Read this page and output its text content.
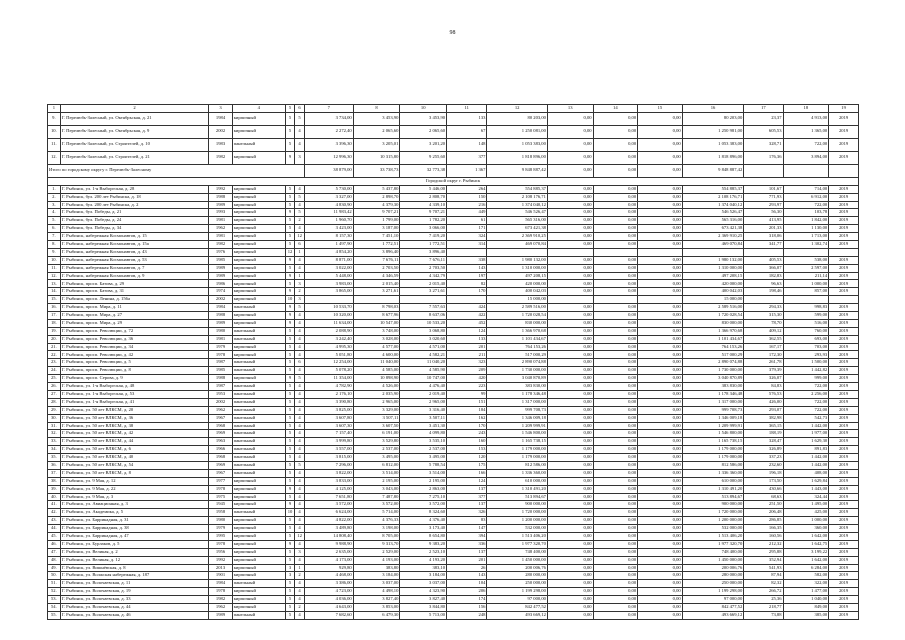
98
1	2	3	4	5	6	7	8	10	11	12	13	14	15	16	17	18	19
9.	Г. Перелюбь-Залесный, ул. Октябрьская, д. 21	1984	кирпичный	5	5	3 734,00	3 453,90	3 453,90	133	80 203,00	0,00	0,00	0,00	80 203,00	23,37	4 913,00	2019
10.	Г. Перелюбь-Залесный, ул. Октябрьская, д. 9	2002	кирпичный	5	4	2 272,40	2 065,60	2 065,60	67	1 250 081,00	0,00	0,00	0,00	1 250 981,00	605,53	1 365,00	2019
11.	Г. Перелюбь-Залесный, ул. Строителей, д. 10	1983	панельный	5	4	3 396,30	3 205,01	3 201,20	148	1 053 383,00	0,00	0,00	0,00	1 053 383,00	328,71	722,00	2019
12.	Г. Перелюбь-Залесный, ул. Строителей, д. 21	1982	кирпичный	9	3	12 996,30	10 315,80	9 255,60	377	1 818 896,00	0,00	0,00	0,00	1 818 896,00	176,36	3 894,00	2019
Итого по городскому округу г. Перелюбь-Залесному						38 879,00	33 738,73	32 773,38	1 367	9 848 887,42	0,00	0,00	0,00	9 848 887,42			
Городской округ г. Рыбинск																	
1.	Г. Рыбинск, ул. 1-я Выборгская, д. 28	1992	кирпичный	5	4	5 730,00	5 437,80	5 446,00	264	554 885,37	0,00	0,00	0,00	554 885,37	101,67	714,00	2019
2.	Г. Рыбинск, бул. 200 лет Рыбинска, д. 18	1988	кирпичный	5	5	3 327,00	2 898,70	2 808,70	150	2 108 176,71	0,00	0,00	0,00	2 108 176,71	771,93	6 912,00	2019
3.	Г. Рыбинск, бул. 200 лет Рыбинска, д. 2	1989	кирпичный	5	4	4 830,90	4 379,30	4 339,10	216	1 374 040,12	0,00	0,00	0,00	1 374 040,12	293,97	722,00	2019
4.	Г. Рыбинск, бул. Победы, д. 21	1993	кирпичный	9	5	11 983,42	9 707,21	9 707,21	449	546 526,47	0,00	0,00	0,00	546 526,47	56,30	103,78	2019
5.	Г. Рыбинск, бул. Победы, д. 24	1981	кирпичный	5	2	1 960,70	1 799,00	1 782,20	61	565 316,00	0,00	0,00	0,00	565 316,00	413,95	1 842,00	2019
6.	Г. Рыбинск, бул. Победы, д. 34	1962	кирпичный	5	4	3 423,00	3 187,00	3 066,00	171	673 421,38	0,00	0,00	0,00	673 421,38	201,33	1 130,00	2019
7.	Г. Рыбинск, набережная Космонавтов, д. 15	1981	кирпичный	5	12	8 157,30	7 451,10	7 419,20	324	2 369 910,25	0,00	0,00	0,00	2 369 910,25	318,06	1 713,00	2019
8.	Г. Рыбинск, набережная Космонавтов, д. 15а	1982	кирпичный	5	6	1 497,90	1 772,51	1 772,51	314	469 070,84	0,00	0,00	0,00	469 070,84	341,77	1 302,74	2019
9.	Г. Рыбинск, набережная Космонавтов, д. 43	1976	кирпичный	12	1	4 854,20	3 896,40	3 896,40									
10.	Г. Рыбинск, набережная Космонавтов, д. 53	1985	кирпичный	9	4	8 871,00	7 676,11	7 676,11	338	1 980 132,00	0,00	0,00	0,00	1 980 132,00	405,53	538,00	2019
11.	Г. Рыбинск, набережная Космонавтов, д. 7	1989	кирпичный	5	4	3 022,00	2 703,50	2 703,50	143	1 310 000,00	0,00	0,00	0,00	1 310 000,00	366,07	2 597,00	2019
12.	Г. Рыбинск, набережная Космонавтов, д. 9	1989	кирпичный	9	1	5 448,00	4 346,59	4 342,79	197	497 208,15	0,00	0,00	0,00	497 208,15	182,83	211,14	2019
13.	Г. Рыбинск, просп. Батова, д. 29	1986	кирпичный	5	3	3 983,00	2 015,40	2 015,40	82	420 000,00	0,00	0,00	0,00	420 000,00	96,63	1 000,00	2019
14.	Г. Рыбинск, просп. Батова, д. 31	1974	кирпичный	9	2	3 865,00	3 271,61	3 271,61	170	400 042,03	0,00	0,00	0,00	400 042,03	198,46	857,00	2019
15.	Г. Рыбинск, просп. Ленина, д. 156а	2002	кирпичный	10	3					15 000,00				15 000,00			
16.	Г. Рыбинск, просп. Мира, д. 11	1984	панельный	9	5	10 533,70	8 798,03	7 557,63	424	2 589 516,00	0,00	0,00	0,00	2 589 516,00	294,33	998,83	2019
17.	Г. Рыбинск, просп. Мира, д. 27	1988	кирпичный	9	4	10 320,00	8 677,96	8 637,06	422	1 720 028,54	0,00	0,00	0,00	1 720 028,54	315,30	599,00	2019
18.	Г. Рыбинск, просп. Мира, д. 29	1989	кирпичный	9	4	11 634,00	10 547,00	10 533,20	452	830 000,00	0,00	0,00	0,00	830 000,00	78,70	516,00	2019
19.	Г. Рыбинск, просп. Революции, д. 72	1980	панельный	5	4	2 088,90	3 748,00	3 068,80	124	1 366 970,68	0,00	0,00	0,00	1 366 970,68	409,12	760,00	2019
20.	Г. Рыбинск, просп. Революции, д. 36	1981	панельный	5	4	3 242,40	3 028,00	3 020,60	133	1 101 434,67	0,00	0,00	0,00	1 101 434,67	362,55	693,00	2019
21.	Г. Рыбинск, просп. Революции, д. 34	1979	кирпичный	5	4	4 995,30	4 577,00	4 571,00	201	764 153,26	0,00	0,00	0,00	764 153,26	167,17	703,00	2019
22.	Г. Рыбинск, просп. Революции, д. 42	1978	кирпичный	5	4	5 051,80	4 600,00	4 582,21	211	517 000,29	0,00	0,00	0,00	517 000,29	172,30	293,93	2019
23.	Г. Рыбинск, просп. Революции, д. 5	1987	панельный	5	6	12 254,00	11 040,00	11 040,20	323	2 890 074,88	0,00	0,00	0,00	2 890 074,88	261,78	1 500,00	2019
24.	Г. Рыбинск, просп. Революции, д. 8	1985	панельный	5	4	5 078,20	4 585,00	4 585,90	209	1 730 000,00	0,00	0,00	0,00	1 730 000,00	379,39	1 442,82	2019
25.	Г. Рыбинск, просп. Серова, д. 9	1988	кирпичный	9	5	11 354,00	10 898,90	10 747,00	420	3 040 870,89	0,00	0,00	0,00	3 040 870,89	326,07	999,00	2019
26.	Г. Рыбинск, ул. 1-я Выборгская, д. 48	1987	панельный	5	4	4 782,90	4 526,00	4 476,40	223	383 830,00	0,00	0,00	0,00	383 830,00	84,83	722,00	2019
27.	Г. Рыбинск, ул. 1-я Выборгская, д. 53	1953	панельный	5	4	2 176,10	2 035,90	2 019,40	99	1 178 346,48	0,00	0,00	0,00	1 178 346,48	576,53	2 256,00	2019
28.	Г. Рыбинск, ул. 1-я Выборгская, д. 41	2002	панельный	5	4	3 390,80	2 965,00	2 965,00	151	1 317 000,00	0,00	0,00	0,00	1 317 000,00	426,00	722,00	2019
29.	Г. Рыбинск, ул. 50 лет ВЛКСМ, д. 20	1962	панельный	5	4	3 825,00	3 329,00	3 316,40	184	999 708,73	0,00	0,00	0,00	999 708,73	293,07	722,00	2019
30.	Г. Рыбинск, ул. 50 лет ВЛКСМ, д. 36	1967	панельный	5	4	3 607,80	3 507,11	3 507,11	162	1 346 009,18	0,00	0,00	0,00	1 346 009,18	382,98	542,73	2019
31.	Г. Рыбинск, ул. 50 лет ВЛКСМ, д. 38	1968	панельный	5	4	3 607,30	3 607,50	3 451,30	170	1 209 999,91	0,00	0,00	0,00	1 209 999,91	365,15	1 442,00	2019
32.	Г. Рыбинск, ул. 50 лет ВЛКСМ, д. 42	1969	панельный	5	4	7 157,40	6 191,00	4 099,80	243	1 546 800,00	0,00	0,00	0,00	1 546 800,00	188,19	1 977,00	2019
33.	Г. Рыбинск, ул. 50 лет ВЛКСМ, д. 44	1963	панельный	5	4	3 999,80	3 529,80	3 535,10	160	1 165 738,15	0,00	0,00	0,00	1 165 738,15	328,47	1 629,30	2019
34.	Г. Рыбинск, ул. 50 лет ВЛКСМ, д. 6	1966	панельный	5	4	3 557,00	2 537,00	2 537,00	153	1 179 000,00	0,00	0,00	0,00	1 179 000,00	326,89	891,83	2019
35.	Г. Рыбинск, ул. 50 лет ВЛКСМ, д. 40	1968	панельный	5	4	3 815,00	3 495,00	3 495,00	120	1 179 000,00	0,00	0,00	0,00	1 179 000,00	337,23	1 442,00	2019
36.	Г. Рыбинск, ул. 50 лет ВЛКСМ, д. 54	1969	панельный	5	5	7 296,00	6 812,00	5 788,54	175	812 586,00	0,00	0,00	0,00	812 586,00	232,60	1 442,00	2019
37.	Г. Рыбинск, ул. 50 лет ВЛКСМ, д. 8	1967	панельный	5	4	3 822,00	3 514,00	3 514,00	166	1 336 360,00	0,00	0,00	0,00	1 336 360,00	196,18	408,00	2019
38.	Г. Рыбинск, ул. 9 Мая, д. 12	1977	кирпичный	5	4	3 833,00	2 195,00	2 195,00	124	610 000,00	0,00	0,00	0,00	610 000,00	173,50	1 629,84	2019
39.	Г. Рыбинск, ул. 9 Мая, д. 22	1978	кирпичный	9	4	4 125,00	3 043,00	2 863,00	137	1 310 491,20	0,00	0,00	0,00	1 310 491,20	430,66	1 443,00	2019
40.	Г. Рыбинск, ул. 9 Мая, д. 3	1975	кирпичный	5	4	7 651,80	7 487,80	7 275,10	377	513 894,67	0,00	0,00	0,00	513 894,67	68,63	324,44	2019
41.	Г. Рыбинск, ул. Авиационная, д. 3	1945	кирпичный	9	4	3 572,00	3 572,00	3 572,00	137	900 000,00	0,00	0,00	0,00	900 000,00	251,50	1 495,00	2019
42.	Г. Рыбинск, ул. Академика, д. 5	1958	панельный	10	4	6 624,00	5 714,00	8 324,60	326	1 720 000,00	0,00	0,00	0,00	1 720 000,00	206,48	425,00	2019
43.	Г. Рыбинск, ул. Баррикадная, д. 31	1980	кирпичный	5	4	4 822,00	4 376,33	4 376,40	83	1 200 000,00	0,00	0,00	0,00	1 200 000,00	286,85	1 000,00	2019
44.	Г. Рыбинск, ул. Баррикадная, д. 38	1979	кирпичный	5	4	3 489,80	3 198,00	3 173,40	147	532 000,00	0,00	0,00	0,00	532 000,00	166,35	360,00	2019
45.	Г. Рыбинск, ул. Баррикадная, д. 47	1995	кирпичный	5	12	14 808,40	8 705,00	8 654,80	394	1 513 406,20	0,00	0,00	0,00	1 513 406,20	160,56	1 642,00	2019
46.	Г. Рыбинск, ул. Бурлаков, д. 5	1978	кирпичный	9	4	9 988,90	9 313,70	9 383,20	336	1 977 320,70	0,00	0,00	0,00	1 977 320,70	212,32	1 642,75	2019
47.	Г. Рыбинск, ул. Великая, д. 2	1956	кирпичный	5	3	2 635,00	2 529,00	2 523,10	137	748 400,00	0,00	0,00	0,00	748 400,00	295,88	3 199,22	2019
48.	Г. Рыбинск, ул. Великая, д. 12	1992	кирпичный	5	4	4 173,00	4 193,00	4 193,20	201	1 450 000,00	0,00	0,00	0,00	1 450 000,00	352,94	1 642,00	2019
49.	Г. Рыбинск, ул. Вишнёвская, д. 8	2013	кирпичный	3	1	929,80	383,80	383,10	26	200 006,76	0,00	0,00	0,00	200 006,76	541,93	6 284,00	2019
50.	Г. Рыбинск, ул. Волжская набережная, д. 187	1901	кирпичный	3	2	4 468,00	3 184,00	3 184,00	143	280 000,00	0,00	0,00	0,00	280 000,00	87,94	582,00	2019
51.	Г. Рыбинск, ул. Волочаевская, д. 11	1984	панельный	5	4	3 386,00	3 037,00	3 037,00	104	250 000,00	0,00	0,00	0,00	250 000,00	82,32	322,00	2019
52.	Г. Рыбинск, ул. Волочаевская, д. 19	1978	кирпичный	5	4	4 723,00	4 498,10	4 323,90	206	1 199 298,00	0,00	0,00	0,00	1 199 298,00	266,72	1 477,00	2019
53.	Г. Рыбинск, ул. Волочаевская, д. 33	1982	кирпичный	5	4	4 036,00	3 827,40	3 827,40	174	97 000,00	0,00	0,00	0,00	97 000,00	25,36	1 040,00	2019
54.	Г. Рыбинск, ул. Волочаевская, д. 44	1962	кирпичный	5	2	4 643,00	3 853,00	3 844,80	156	842 477,52	0,00	0,00	0,00	842 477,52	218,77	849,00	2019
55.	Г. Рыбинск, ул. Волочаевская, д. 46	1989	панельный	5	4	7 682,60	6 479,30	5 713,00	248	493 669,12	0,00	0,00	0,00	493 669,12	73,88	385,00	2019
